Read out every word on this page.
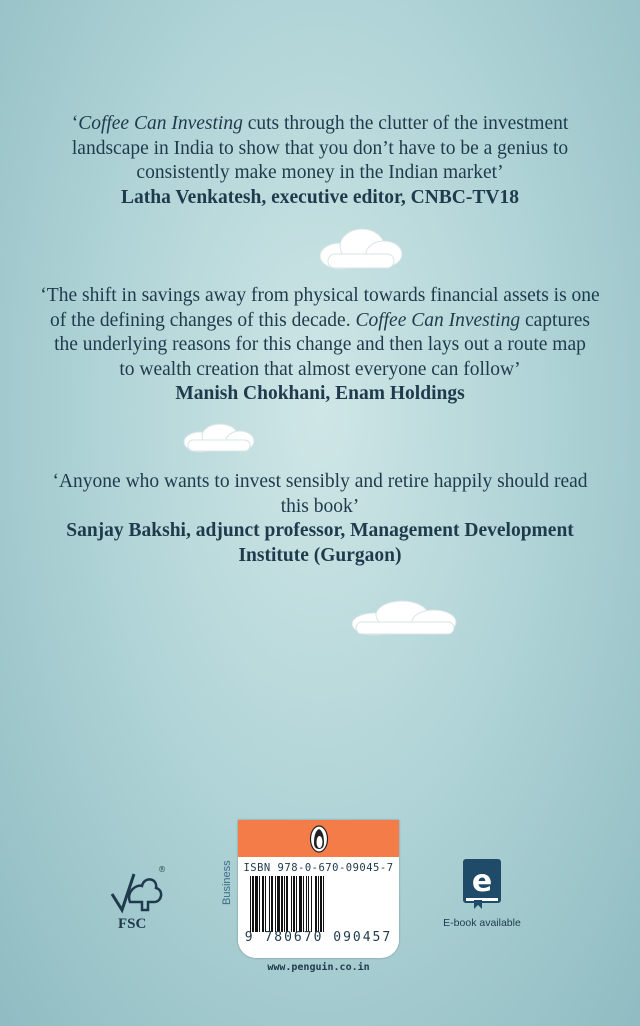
‘Coffee Can Investing cuts through the clutter of the investment
landscape in India to show that you don’t have to be a genius to
consistently make money in the Indian market’
Latha Venkatesh, executive editor, CNBC-TV18
‘The shift in savings away from physical towards financial assets is one
of the defining changes of this decade. Coffee Can Investing captures
the underlying reasons for this change and then lays out a route map
to wealth creation that almost everyone can follow’
Manish Chokhani, Enam Holdings
‘Anyone who wants to invest sensibly and retire happily should read
this book’
Sanjay Bakshi, adjunct professor, Management Development
Institute (Gurgaon)
®
FSC
Business ISBN 978-0-670-09045-7
9 780670 090457
www.penguin.co.in
e
E-book available
